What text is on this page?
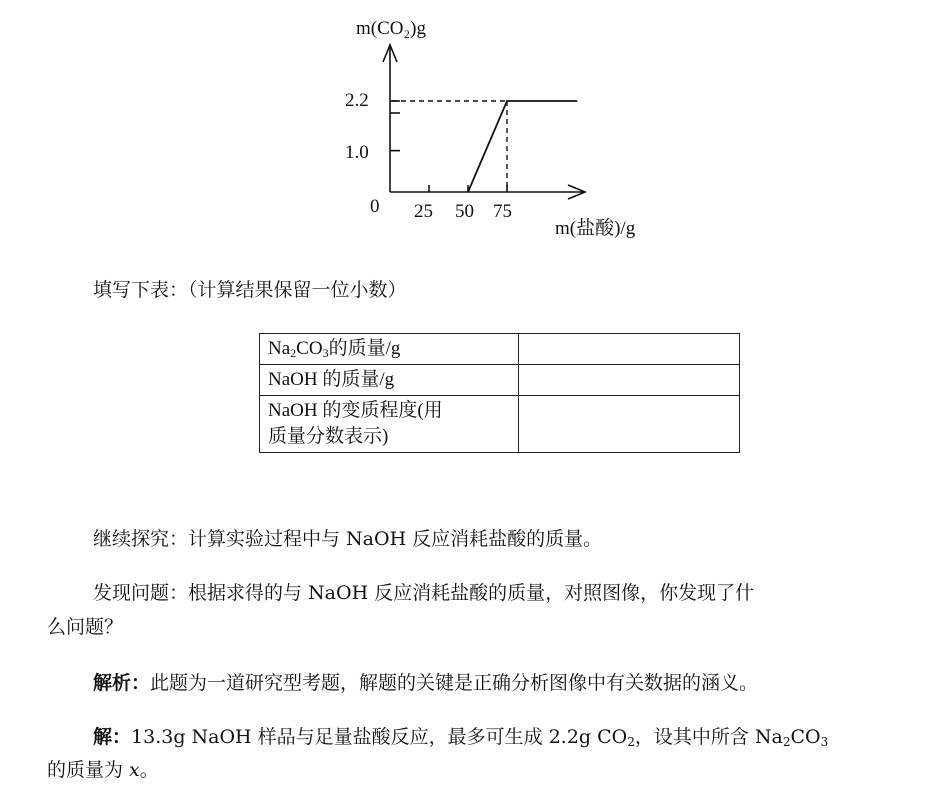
m(CO₂)g
m(盐酸)/g
0
1.0
2.2
25 50 75
填写下表：（计算结果保留一位小数）
$Na_2CO_3$的质量/g	
NaOH 的质量/g	
NaOH 的变质程度(用
质量分数表示)	
继续探究：计算实验过程中与 NaOH 反应消耗盐酸的质量。
发现问题：根据求得的与 NaOH 反应消耗盐酸的质量，对照图像，你发现了什
么问题？
解析：此题为一道研究型考题，解题的关键是正确分析图像中有关数据的涵义。
解：13.3g NaOH 样品与足量盐酸反应，最多可生成 2.2g $CO_2$，设其中所含 $Na_2CO_3$
的质量为 x。
